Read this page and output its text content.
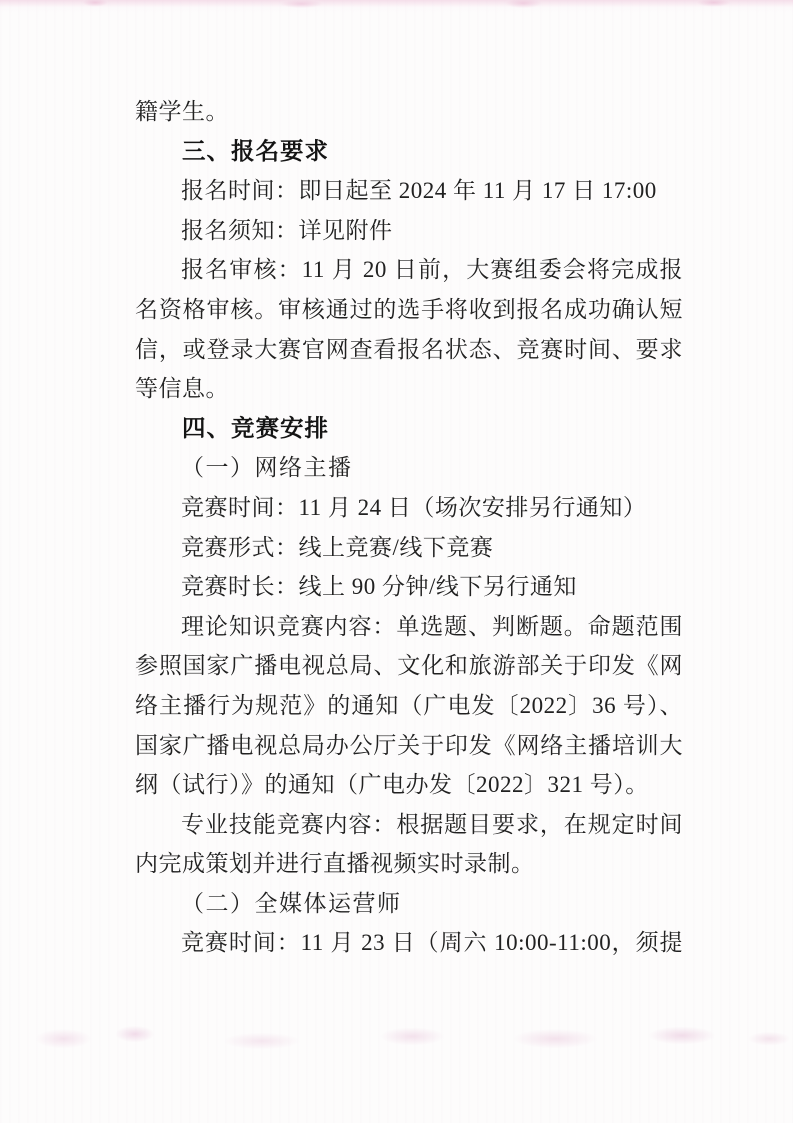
籍学生。

三、报名要求

报名时间：即日起至 2024 年 11 月 17 日 17:00

报名须知：详见附件

报名审核：11 月 20 日前，大赛组委会将完成报

名资格审核。审核通过的选手将收到报名成功确认短

信，或登录大赛官网查看报名状态、竞赛时间、要求

等信息。

四、竞赛安排

（一）网络主播

竞赛时间：11 月 24 日（场次安排另行通知）

竞赛形式：线上竞赛/线下竞赛

竞赛时长：线上 90 分钟/线下另行通知

理论知识竞赛内容：单选题、判断题。命题范围

参照国家广播电视总局、文化和旅游部关于印发《网

络主播行为规范》的通知（广电发〔2022〕36 号）、

国家广播电视总局办公厅关于印发《网络主播培训大

纲（试行）》的通知（广电办发〔2022〕321 号）。

专业技能竞赛内容：根据题目要求，在规定时间

内完成策划并进行直播视频实时录制。

（二）全媒体运营师

竞赛时间：11 月 23 日（周六 10:00-11:00，须提
